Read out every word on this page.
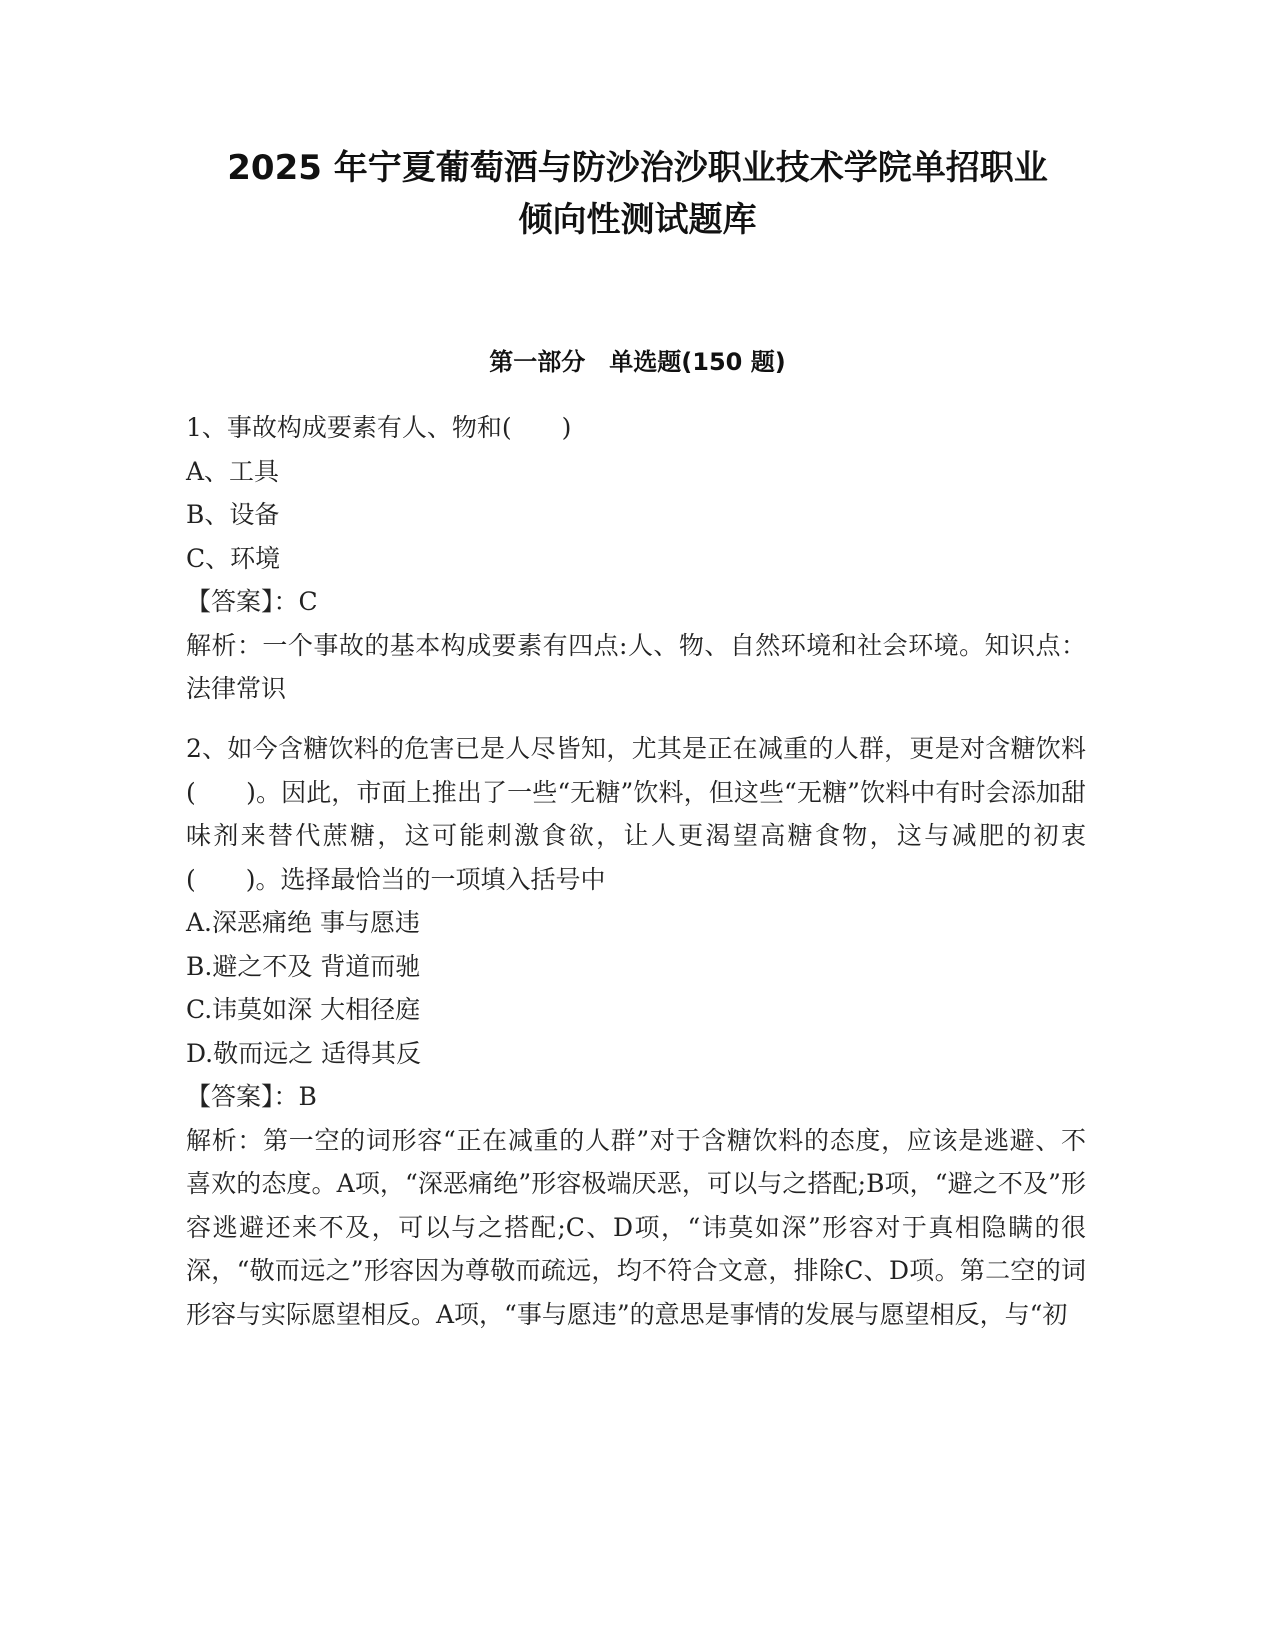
2025 年宁夏葡萄酒与防沙治沙职业技术学院单招职业
倾向性测试题库
第一部分　单选题(150 题)
1、事故构成要素有人、物和(　　)
A、工具
B、设备
C、环境
【答案】：C
解析：一个事故的基本构成要素有四点:人、物、自然环境和社会环境。知识点：法律常识
2、如今含糖饮料的危害已是人尽皆知，尤其是正在减重的人群，更是对含糖饮料(　　)。因此，市面上推出了一些“无糖”饮料，但这些“无糖”饮料中有时会添加甜味剂来替代蔗糖，这可能刺激食欲，让人更渴望高糖食物，这与减肥的初衷(　　)。选择最恰当的一项填入括号中
A.深恶痛绝 事与愿违
B.避之不及 背道而驰
C.讳莫如深 大相径庭
D.敬而远之 适得其反
【答案】：B
解析：第一空的词形容“正在减重的人群”对于含糖饮料的态度，应该是逃避、不喜欢的态度。A项，“深恶痛绝”形容极端厌恶，可以与之搭配;B项，“避之不及”形容逃避还来不及，可以与之搭配;C、D项，“讳莫如深”形容对于真相隐瞒的很深，“敬而远之”形容因为尊敬而疏远，均不符合文意，排除C、D项。第二空的词形容与实际愿望相反。A项，“事与愿违”的意思是事情的发展与愿望相反，与“初
